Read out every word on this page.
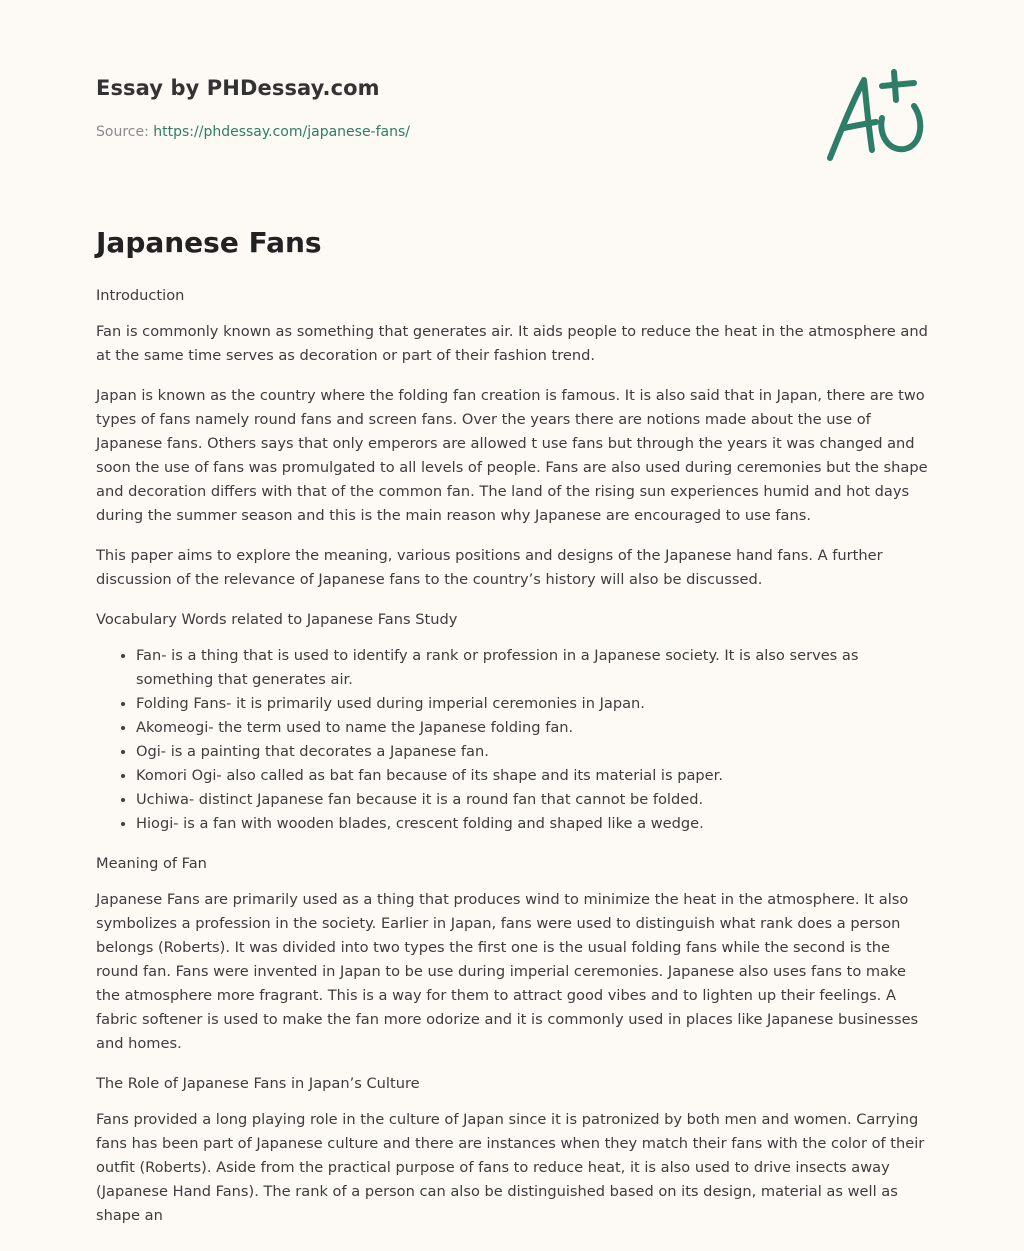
Essay by PHDessay.com
Source: https://phdessay.com/japanese-fans/
Japanese Fans

Introduction

Fan is commonly known as something that generates air. It aids people to reduce the heat in the atmosphere and at the same time serves as decoration or part of their fashion trend.

Japan is known as the country where the folding fan creation is famous. It is also said that in Japan, there are two types of fans namely round fans and screen fans. Over the years there are notions made about the use of Japanese fans. Others says that only emperors are allowed t use fans but through the years it was changed and soon the use of fans was promulgated to all levels of people. Fans are also used during ceremonies but the shape and decoration differs with that of the common fan. The land of the rising sun experiences humid and hot days during the summer season and this is the main reason why Japanese are encouraged to use fans.

This paper aims to explore the meaning, various positions and designs of the Japanese hand fans. A further discussion of the relevance of Japanese fans to the country’s history will also be discussed.

Vocabulary Words related to Japanese Fans Study

• Fan- is a thing that is used to identify a rank or profession in a Japanese society. It is also serves as something that generates air.
• Folding Fans- it is primarily used during imperial ceremonies in Japan.
• Akomeogi- the term used to name the Japanese folding fan.
• Ogi- is a painting that decorates a Japanese fan.
• Komori Ogi- also called as bat fan because of its shape and its material is paper.
• Uchiwa- distinct Japanese fan because it is a round fan that cannot be folded.
• Hiogi- is a fan with wooden blades, crescent folding and shaped like a wedge.

Meaning of Fan

Japanese Fans are primarily used as a thing that produces wind to minimize the heat in the atmosphere. It also symbolizes a profession in the society. Earlier in Japan, fans were used to distinguish what rank does a person belongs (Roberts). It was divided into two types the first one is the usual folding fans while the second is the round fan. Fans were invented in Japan to be use during imperial ceremonies. Japanese also uses fans to make the atmosphere more fragrant. This is a way for them to attract good vibes and to lighten up their feelings. A fabric softener is used to make the fan more odorize and it is commonly used in places like Japanese businesses and homes.

The Role of Japanese Fans in Japan’s Culture

Fans provided a long playing role in the culture of Japan since it is patronized by both men and women. Carrying fans has been part of Japanese culture and there are instances when they match their fans with the color of their outfit (Roberts). Aside from the practical purpose of fans to reduce heat, it is also used to drive insects away (Japanese Hand Fans). The rank of a person can also be distinguished based on its design, material as well as shape an
